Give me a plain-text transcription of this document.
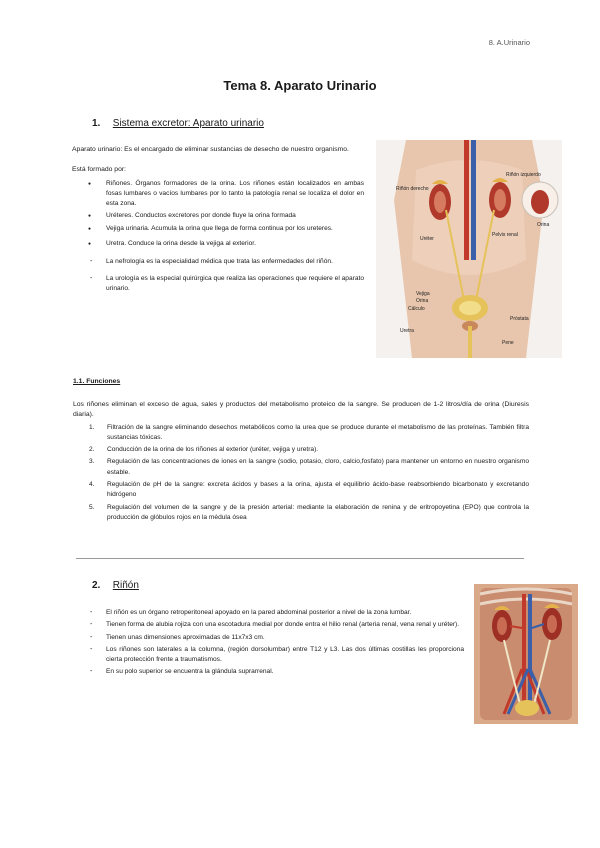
8. A.Urinario
Tema 8. Aparato Urinario
1. Sistema excretor: Aparato urinario
Aparato urinario: Es el encargado de eliminar sustancias de desecho de nuestro organismo.
Está formado por:
● Riñones. Órganos formadores de la orina. Los riñones están localizados en ambas fosas lumbares o vacíos lumbares por lo tanto la patología renal se localiza el dolor en esta zona.
● Uréteres. Conductos excretores por donde fluye la orina formada
● Vejiga urinaria. Acumula la orina que llega de forma continua por los ureteres.
● Uretra. Conduce la orina desde la vejiga al exterior.
- La nefrología es la especialidad médica que trata las enfermedades del riñón.
- La urología es la especial quirúrgica que realiza las operaciones que requiere el aparato urinario.
Riñón derecho
Riñón izquierdo
Uréter
Pelvis renal
Orina
Vejiga
Orina
Cálculo
Próstata
Uretra
Pene
1.1. Funciones
Los riñones eliminan el exceso de agua, sales y productos del metabolismo proteico de la sangre. Se producen de 1-2 litros/día de orina (Diuresis diaria).
1. Filtración de la sangre eliminando desechos metabólicos como la urea que se produce durante el metabolismo de las proteínas. También filtra sustancias tóxicas.
2. Conducción de la orina de los riñones al exterior (uréter, vejiga y uretra).
3. Regulación de las concentraciones de iones en la sangre (sodio, potasio, cloro, calcio,fosfato) para mantener un entorno en nuestro organismo estable.
4. Regulación de pH de la sangre: excreta ácidos y bases a la orina, ajusta el equilibrio ácido-base reabsorbiendo bicarbonato y excretando hidrógeno
5. Regulación del volumen de la sangre y de la presión arterial: mediante la elaboración de renina y de eritropoyetina (EPO) que controla la producción de glóbulos rojos en la médula ósea
2. Riñón
- El riñón es un órgano retroperitoneal apoyado en la pared abdominal posterior a nivel de la zona lumbar.
- Tienen forma de alubia rojiza con una escotadura medial por donde entra el hilio renal (arteria renal, vena renal y uréter).
- Tienen unas dimensiones aproximadas de 11x7x3 cm.
- Los riñones son laterales a la columna, (región dorsolumbar) entre T12 y L3. Las dos últimas costillas les proporciona cierta protección frente a traumatismos.
- En su polo superior se encuentra la glándula suprarrenal.
